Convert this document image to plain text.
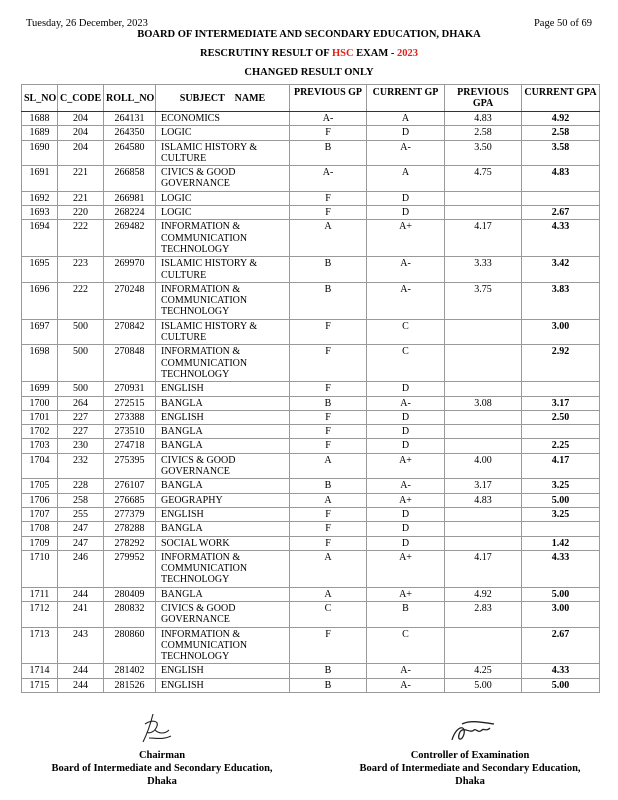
Tuesday, 26 December, 2023	Page 50 of 69
BOARD OF INTERMEDIATE AND SECONDARY EDUCATION, DHAKA
RESCRUTINY RESULT OF HSC EXAM - 2023
CHANGED RESULT ONLY
SL_NO	C_CODE	ROLL_NO	SUBJECT    NAME	PREVIOUS GP	CURRENT GP	PREVIOUS GPA	CURRENT GPA
1688	204	264131	ECONOMICS	A-	A	4.83	4.92
1689	204	264350	LOGIC	F	D	2.58	2.58
1690	204	264580	ISLAMIC HISTORY & CULTURE	B	A-	3.50	3.58
1691	221	266858	CIVICS & GOOD GOVERNANCE	A-	A	4.75	4.83
1692	221	266981	LOGIC	F	D		
1693	220	268224	LOGIC	F	D		2.67
1694	222	269482	INFORMATION & COMMUNICATION TECHNOLOGY	A	A+	4.17	4.33
1695	223	269970	ISLAMIC HISTORY & CULTURE	B	A-	3.33	3.42
1696	222	270248	INFORMATION & COMMUNICATION TECHNOLOGY	B	A-	3.75	3.83
1697	500	270842	ISLAMIC HISTORY & CULTURE	F	C		3.00
1698	500	270848	INFORMATION & COMMUNICATION TECHNOLOGY	F	C		2.92
1699	500	270931	ENGLISH	F	D		
1700	264	272515	BANGLA	B	A-	3.08	3.17
1701	227	273388	ENGLISH	F	D		2.50
1702	227	273510	BANGLA	F	D		
1703	230	274718	BANGLA	F	D		2.25
1704	232	275395	CIVICS & GOOD GOVERNANCE	A	A+	4.00	4.17
1705	228	276107	BANGLA	B	A-	3.17	3.25
1706	258	276685	GEOGRAPHY	A	A+	4.83	5.00
1707	255	277379	ENGLISH	F	D		3.25
1708	247	278288	BANGLA	F	D		
1709	247	278292	SOCIAL WORK	F	D		1.42
1710	246	279952	INFORMATION & COMMUNICATION TECHNOLOGY	A	A+	4.17	4.33
1711	244	280409	BANGLA	A	A+	4.92	5.00
1712	241	280832	CIVICS & GOOD GOVERNANCE	C	B	2.83	3.00
1713	243	280860	INFORMATION & COMMUNICATION TECHNOLOGY	F	C		2.67
1714	244	281402	ENGLISH	B	A-	4.25	4.33
1715	244	281526	ENGLISH	B	A-	5.00	5.00
Chairman
Board of Intermediate and Secondary Education, Dhaka
Controller of Examination
Board of Intermediate and Secondary Education, Dhaka
